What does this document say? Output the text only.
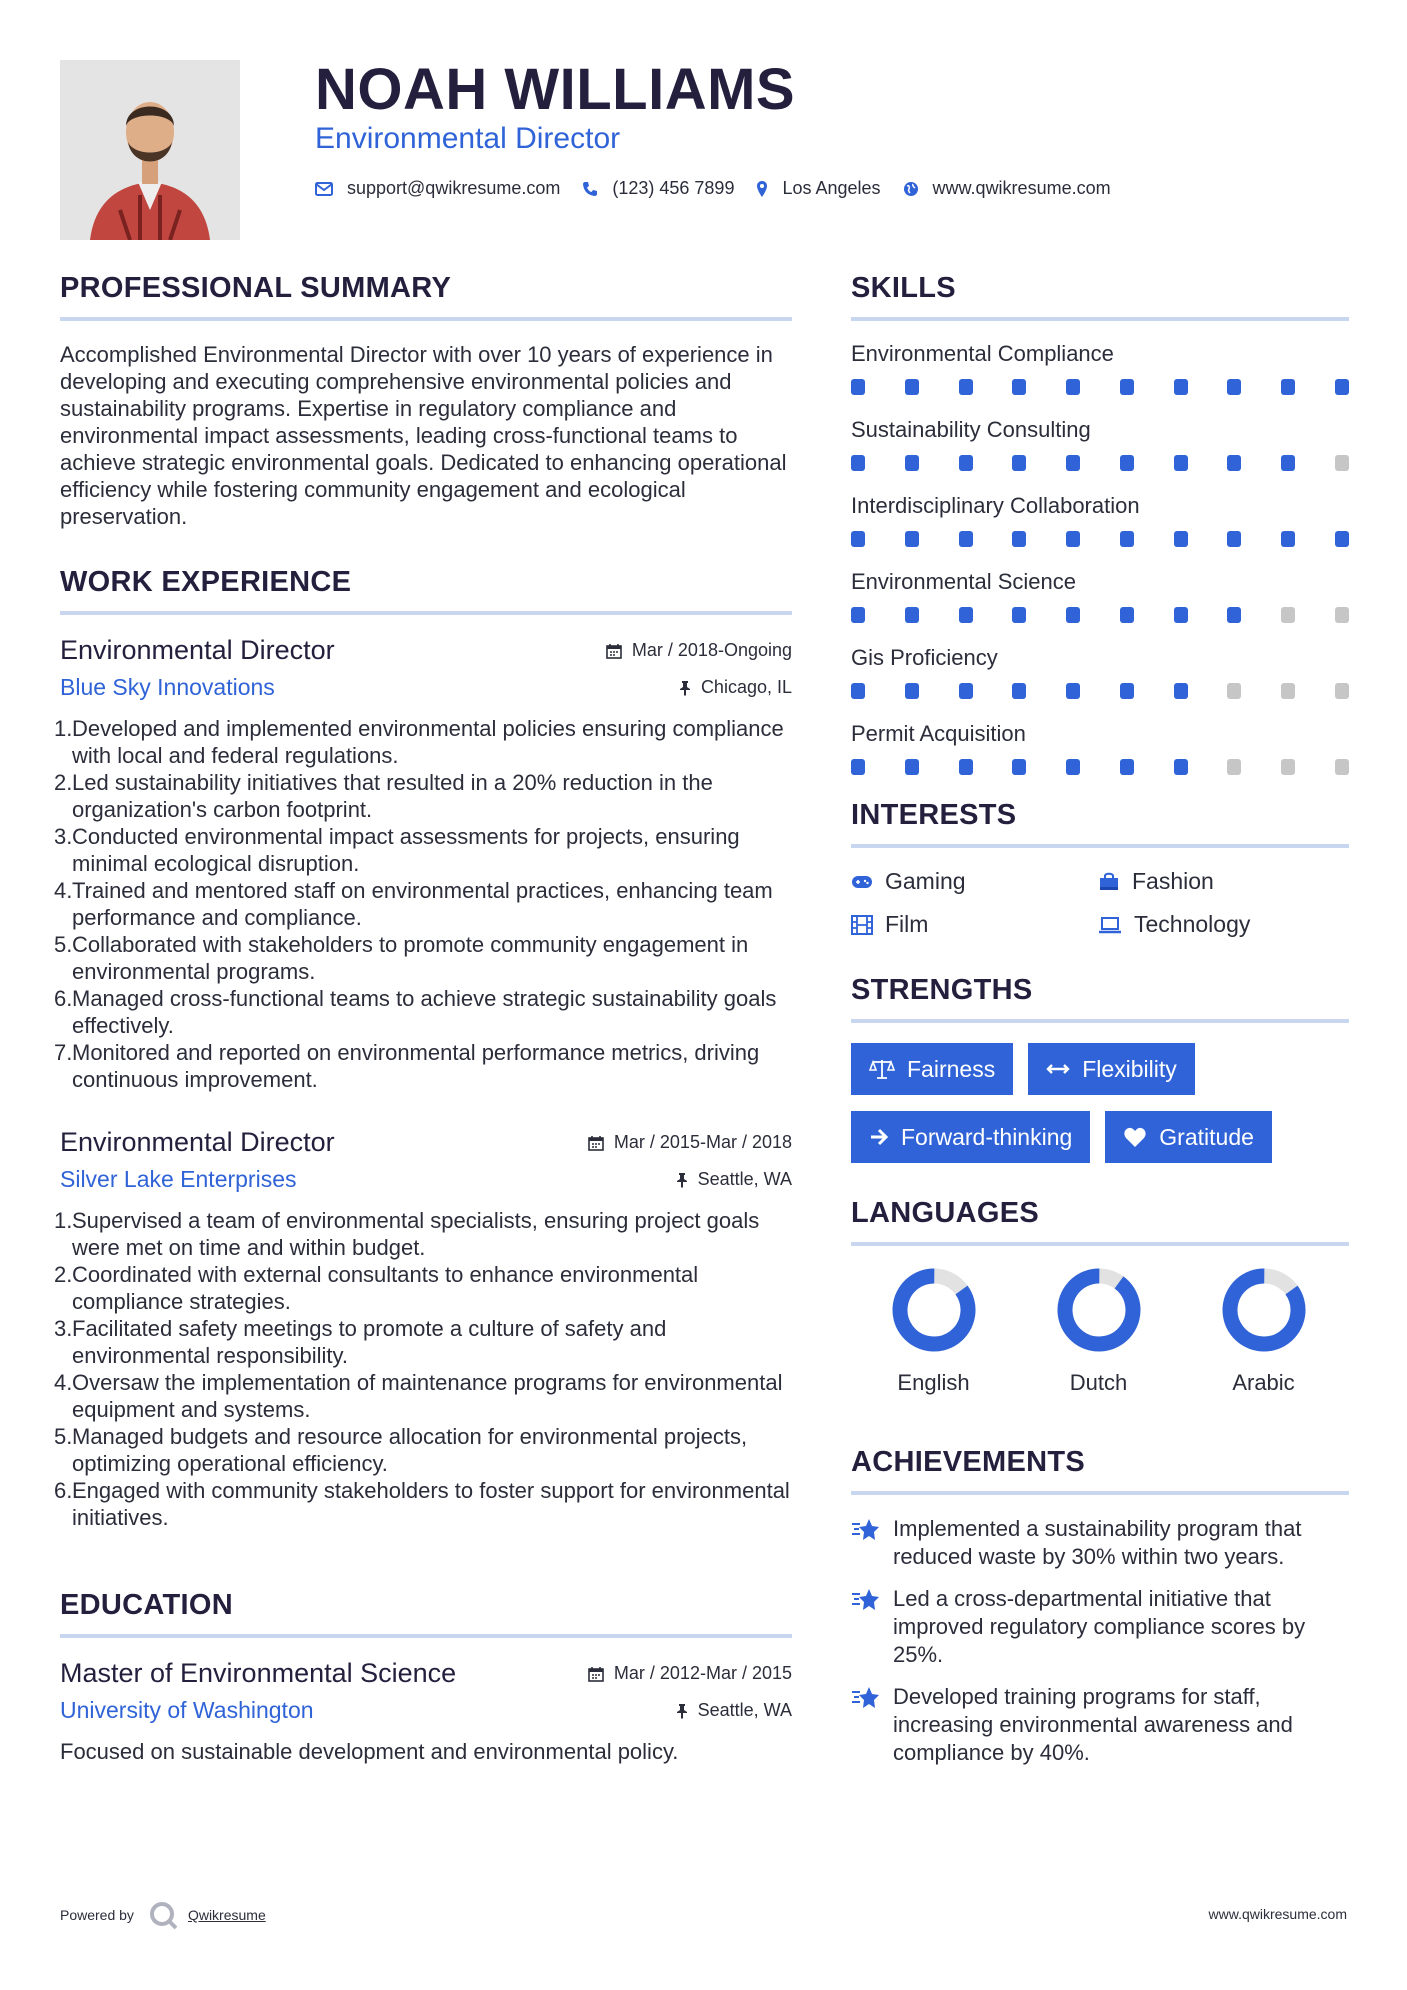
NOAH WILLIAMS
Environmental Director
support@qwikresume.com	(123) 456 7899	Los Angeles	www.qwikresume.com
PROFESSIONAL SUMMARY

Accomplished Environmental Director with over 10 years of experience in developing and executing comprehensive environmental policies and sustainability programs. Expertise in regulatory compliance and environmental impact assessments, leading cross-functional teams to achieve strategic environmental goals. Dedicated to enhancing operational efficiency while fostering community engagement and ecological preservation.

WORK EXPERIENCE
Environmental Director	Mar / 2018-Ongoing
Blue Sky Innovations	Chicago, IL
1. Developed and implemented environmental policies ensuring compliance with local and federal regulations.
2. Led sustainability initiatives that resulted in a 20% reduction in the organization's carbon footprint.
3. Conducted environmental impact assessments for projects, ensuring minimal ecological disruption.
4. Trained and mentored staff on environmental practices, enhancing team performance and compliance.
5. Collaborated with stakeholders to promote community engagement in environmental programs.
6. Managed cross-functional teams to achieve strategic sustainability goals effectively.
7. Monitored and reported on environmental performance metrics, driving continuous improvement.
Environmental Director	Mar / 2015-Mar / 2018
Silver Lake Enterprises	Seattle, WA
1. Supervised a team of environmental specialists, ensuring project goals were met on time and within budget.
2. Coordinated with external consultants to enhance environmental compliance strategies.
3. Facilitated safety meetings to promote a culture of safety and environmental responsibility.
4. Oversaw the implementation of maintenance programs for environmental equipment and systems.
5. Managed budgets and resource allocation for environmental projects, optimizing operational efficiency.
6. Engaged with community stakeholders to foster support for environmental initiatives.
EDUCATION
Master of Environmental Science	Mar / 2012-Mar / 2015
University of Washington	Seattle, WA

Focused on sustainable development and environmental policy.

SKILLS
Environmental Compliance
Sustainability Consulting
Interdisciplinary Collaboration
Environmental Science
Gis Proficiency
Permit Acquisition
INTERESTS
Gaming	Fashion
Film	Technology
STRENGTHS
Fairness	Flexibility
Forward-thinking	Gratitude
LANGUAGES
English	Dutch	Arabic
ACHIEVEMENTS
Implemented a sustainability program that reduced waste by 30% within two years.
Led a cross-departmental initiative that improved regulatory compliance scores by 25%.
Developed training programs for staff, increasing environmental awareness and compliance by 40%.
Powered by	Qwikresume	www.qwikresume.com
